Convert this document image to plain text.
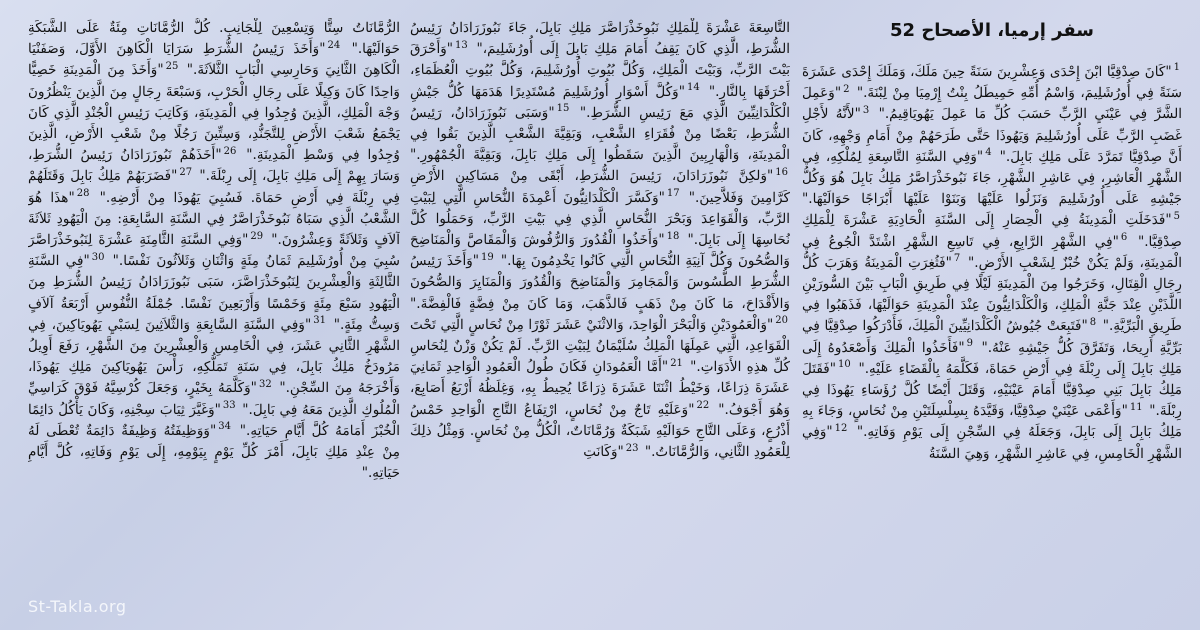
سفر إرميا، الأصحاح 52
$^1$"كَانَ صِدْقِيَّا ابْنَ إِحْدَى وَعِشْرِينَ سَنَةً حِينَ مَلَكَ، وَمَلَكَ إِحْدَى عَشَرَةَ سَنَةً فِي أُورُشَلِيمَ، وَاسْمُ أُمِّهِ حَمِيطَلُ بِنْتُ إِرْمِيَا مِنْ لِبْنَةَ." $^2$"وَعَمِلَ الشَّرَّ فِي عَيْنَيِ الرَّبِّ حَسَبَ كُلِّ مَا عَمِلَ يَهُويَاقِيمُ." $^3$"لأَنَّهُ لأَجْلِ غَضَبِ الرَّبِّ عَلَى أُورُشَلِيمَ وَيَهُوذَا حَتَّى طَرَحَهُمْ مِنْ أَمَامِ وَجْهِهِ، كَانَ أَنَّ صِدْقِيَّا تَمَرَّدَ عَلَى مَلِكِ بَابِلَ." $^4$"وَفِي السَّنَةِ التَّاسِعَةِ لِمُلْكِهِ، فِي الشَّهْرِ الْعَاشِرِ، فِي عَاشِرِ الشَّهْرِ، جَاءَ نَبُوخَذْرَاصَّرُ مَلِكُ بَابِلَ هُوَ وَكُلُّ جَيْشِهِ عَلَى أُورُشَلِيمَ وَنَزَلُوا عَلَيْهَا وَبَنَوْا عَلَيْهَا أَبْرَاجًا حَوَالَيْهَا." $^5$"فَدَخَلَتِ الْمَدِينَةُ فِي الْحِصَارِ إِلَى السَّنَةِ الْحَادِيَةِ عَشْرَةَ لِلْمَلِكِ صِدْقِيَّا." $^6$"فِي الشَّهْرِ الرَّابِعِ، فِي تَاسِعِ الشَّهْرِ اشْتَدَّ الْجُوعُ فِي الْمَدِينَةِ، وَلَمْ يَكُنْ خُبْزٌ لِشَعْبِ الأَرْضِ." $^7$"فَثُغِرَتِ الْمَدِينَةُ وَهَرَبَ كُلُّ رِجَالِ الْقِتَالِ، وَخَرَجُوا مِنَ الْمَدِينَةِ لَيْلًا فِي طَرِيقِ الْبَابِ بَيْنَ السُّورَيْنِ اللَّذَيْنِ عِنْدَ جَنَّةِ الْمَلِكِ، وَالْكَلْدَانِيُّونَ عِنْدَ الْمَدِينَةِ حَوَالَيْهَا، فَذَهَبُوا فِي طَرِيقِ الْبَرِّيَّةِ." $^8$"فَتَبِعَتْ جُيُوشُ الْكَلْدَانِيِّينَ الْمَلِكَ، فَأَدْرَكُوا صِدْقِيَّا فِي بَرِّيَّةِ أَرِيحَا، وَتَفَرَّقَ كُلُّ جَيْشِهِ عَنْهُ." $^9$"فَأَخَذُوا الْمَلِكَ وَأَصْعَدُوهُ إِلَى مَلِكِ بَابِلَ إِلَى رِبْلَةَ فِي أَرْضِ حَمَاةَ، فَكَلَّمَهُ بِالْقَضَاءِ عَلَيْهِ." $^{10}$"فَقَتَلَ مَلِكُ بَابِلَ بَنِي صِدْقِيَّا أَمَامَ عَيْنَيْهِ، وَقَتَلَ أَيْضًا كُلَّ رُؤَسَاءِ يَهُوذَا فِي رِبْلَةَ." $^{11}$"وَأَعْمَى عَيْنَيْ صِدْقِيَّا، وَقَيَّدَهُ بِسِلْسِلَتَيْنِ مِنْ نُحَاسٍ، وَجَاءَ بِهِ مَلِكُ بَابِلَ إِلَى بَابِلَ، وَجَعَلَهُ فِي السِّجْنِ إِلَى يَوْمِ وَفَاتِهِ." $^{12}$"وَفِي الشَّهْرِ الْخَامِسِ، فِي عَاشِرِ الشَّهْرِ، وَهِيَ السَّنَةُ
التَّاسِعَةَ عَشْرَةَ لِلْمَلِكِ نَبُوخَذْرَاصَّرَ مَلِكِ بَابِلَ، جَاءَ نَبُوزَرَادَانُ رَئِيسُ الشُّرَطِ، الَّذِي كَانَ يَقِفُ أَمَامَ مَلِكِ بَابِلَ إِلَى أُورُشَلِيمَ،" $^{13}$"وَأَحْرَقَ بَيْتَ الرَّبِّ، وَبَيْتَ الْمَلِكِ، وَكُلَّ بُيُوتِ أُورُشَلِيمَ، وَكُلَّ بُيُوتِ الْعُظَمَاءِ، أَحْرَقَهَا بِالنَّارِ." $^{14}$"وَكُلَّ أَسْوَارِ أُورُشَلِيمَ مُسْتَدِيرًا هَدَمَهَا كُلُّ جَيْشِ الْكَلْدَانِيِّينَ الَّذِي مَعَ رَئِيسِ الشُّرَطِ." $^{15}$"وَسَبَى نَبُوزَرَادَانُ، رَئِيسُ الشُّرَطِ، بَعْضًا مِنْ فُقَرَاءِ الشَّعْبِ، وَبَقِيَّةَ الشَّعْبِ الَّذِينَ بَقُوا فِي الْمَدِينَةِ، وَالْهَارِبِينَ الَّذِينَ سَقَطُوا إِلَى مَلِكِ بَابِلَ، وَبَقِيَّةَ الْجُمْهُورِ." $^{16}$"وَلكِنَّ نَبُوزَرَادَانَ، رَئِيسَ الشُّرَطِ، أَبْقَى مِنْ مَسَاكِينِ الأَرْضِ كَرَّامِينَ وَفَلاَّحِينَ." $^{17}$"وَكَسَّرَ الْكَلْدَانِيُّونَ أَعْمِدَةَ النُّحَاسِ الَّتِي لِبَيْتِ الرَّبِّ، وَالْقَوَاعِدَ وَبَحْرَ النُّحَاسِ الَّذِي فِي بَيْتِ الرَّبِّ، وَحَمَلُوا كُلَّ نُحَاسِهَا إِلَى بَابِلَ." $^{18}$"وَأَخَذُوا الْقُدُورَ وَالرُّفُوشَ وَالْمَقَاصَّ وَالْمَنَاضِحَ وَالصُّحُونَ وَكُلَّ آنِيَةِ النُّحَاسِ الَّتِي كَانُوا يَخْدِمُونَ بِهَا." $^{19}$"وَأَخَذَ رَئِيسُ الشُّرَطِ الطُّسُوسَ وَالْمَجَامِرَ وَالْمَنَاضِحَ وَالْقُدُورَ وَالْمَنَايِرَ وَالصُّحُونَ وَالأَقْدَاحَ، مَا كَانَ مِنْ ذَهَبٍ فَالذَّهَبَ، وَمَا كَانَ مِنْ فِضَّةٍ فَالْفِضَّةَ." $^{20}$"وَالْعَمُودَيْنِ وَالْبَحْرَ الْوَاحِدَ، وَالاثْنَيْ عَشَرَ ثَوْرًا مِنْ نُحَاسٍ الَّتِي تَحْتَ الْقَوَاعِدِ، الَّتِي عَمِلَهَا الْمَلِكُ سُلَيْمَانُ لِبَيْتِ الرَّبِّ. لَمْ يَكُنْ وَزْنٌ لِنُحَاسِ كُلِّ هذِهِ الأَدَوَاتِ." $^{21}$"أَمَّا الْعَمُودَانِ فَكَانَ طُولُ الْعَمُودِ الْوَاحِدِ ثَمَانِيَ عَشَرَةَ ذِرَاعًا، وَخَيْطُ اثْنَتَا عَشَرَةَ ذِرَاعًا يُحِيطُ بِهِ، وَغِلَظُهُ أَرْبَعُ أَصَابِعَ، وَهُوَ أَجْوَفُ." $^{22}$"وَعَلَيْهِ تَاجٌ مِنْ نُحَاسٍ، ارْتِفَاعُ التَّاجِ الْوَاحِدِ خَمْسُ أَذْرُعٍ، وَعَلَى التَّاجِ حَوَالَيْهِ شَبَكَةٌ وَرُمَّانَاتٌ، الْكُلُّ مِنْ نُحَاسٍ. وَمِثْلُ ذلِكَ لِلْعَمُودِ الثَّانِي، وَالرُّمَّانَاتُ." $^{23}$"وَكَانَتِ
الرُّمَّانَاتُ سِتًّا وَتِسْعِينَ لِلْجَانِبِ. كُلُّ الرُّمَّانَاتِ مِئَةٌ عَلَى الشَّبَكَةِ حَوَالَيْهَا." $^{24}$"وَأَخَذَ رَئِيسُ الشُّرَطِ سَرَايَا الْكَاهِنَ الأَوَّلَ، وَصَفَنْيَا الْكَاهِنَ الثَّانِيَ وَحَارِسِي الْبَابِ الثَّلاَثَةَ." $^{25}$"وَأَخَذَ مِنَ الْمَدِينَةِ خَصِيًّا وَاحِدًا كَانَ وَكِيلًا عَلَى رِجَالِ الْحَرْبِ، وَسَبْعَةَ رِجَالٍ مِنَ الَّذِينَ يَنْظُرُونَ وَجْهَ الْمَلِكِ، الَّذِينَ وُجِدُوا فِي الْمَدِينَةِ، وَكَاتِبَ رَئِيسِ الْجُنْدِ الَّذِي كَانَ يَجْمَعُ شَعْبَ الأَرْضِ لِلتَّجَنُّدِ، وَسِتِّينَ رَجُلًا مِنْ شَعْبِ الأَرْضِ، الَّذِينَ وُجِدُوا فِي وَسْطِ الْمَدِينَةِ." $^{26}$"أَخَذَهُمْ نَبُوزَرَادَانُ رَئِيسُ الشُّرَطِ، وَسَارَ بِهِمْ إِلَى مَلِكِ بَابِلَ، إِلَى رِبْلَةَ." $^{27}$"فَضَرَبَهُمْ مَلِكُ بَابِلَ وَقَتَلَهُمْ فِي رِبْلَةَ فِي أَرْضِ حَمَاةَ. فَسُبِيَ يَهُوذَا مِنْ أَرْضِهِ." $^{28}$"هذَا هُوَ الشَّعْبُ الَّذِي سَبَاهُ نَبُوخَذْرَاصَّرُ فِي السَّنَةِ السَّابِعَةِ: مِنَ الْيَهُودِ ثَلاَثَةَ آلاَفٍ وَثَلاَثَةً وَعِشْرُونَ." $^{29}$"وَفِي السَّنَةِ الثَّامِنَةِ عَشْرَةَ لِنَبُوخَذْرَاصَّرَ سُبِيَ مِنْ أُورُشَلِيمَ ثَمَانُ مِئَةٍ وَاثْنَانِ وَثَلاَثُونَ نَفْسًا." $^{30}$"فِي السَّنَةِ الثَّالِثَةِ وَالْعِشْرِينَ لِنَبُوخَذْرَاصَّرَ، سَبَى نَبُوزَرَادَانُ رَئِيسُ الشُّرَطِ مِنَ الْيَهُودِ سَبْعَ مِئَةٍ وَخَمْسًا وَأَرْبَعِينَ نَفْسًا. جُمْلَةُ النُّفُوسِ أَرْبَعَةُ آلاَفٍ وَسِتُّ مِئَةٍ." $^{31}$"وَفِي السَّنَةِ السَّابِعَةِ وَالثَّلاَثِينَ لِسَبْيِ يَهُويَاكِينَ، فِي الشَّهْرِ الثَّانِي عَشَرَ، فِي الْخَامِسِ وَالْعِشْرِينَ مِنَ الشَّهْرِ، رَفَعَ أَوِيلُ مَرُودَخُ مَلِكُ بَابِلَ، فِي سَنَةِ تَمَلُّكِهِ، رَأْسَ يَهُويَاكِينَ مَلِكِ يَهُوذَا، وَأَخْرَجَهُ مِنَ السِّجْنِ." $^{32}$"وَكَلَّمَهُ بِخَيْرٍ، وَجَعَلَ كُرْسِيَّهُ فَوْقَ كَرَاسِيِّ الْمُلُوكِ الَّذِينَ مَعَهُ فِي بَابِلَ." $^{33}$"وَغَيَّرَ ثِيَابَ سِجْنِهِ، وَكَانَ يَأْكُلُ دَائِمًا الْخُبْزَ أَمَامَهُ كُلَّ أَيَّامِ حَيَاتِهِ." $^{34}$"وَوَظِيفَتُهُ وَظِيفَةٌ دَائِمَةٌ تُعْطَى لَهُ مِنْ عِنْدِ مَلِكِ بَابِلَ، أَمْرَ كُلِّ يَوْمٍ بِيَوْمِهِ، إِلَى يَوْمِ وَفَاتِهِ، كُلَّ أَيَّامِ حَيَاتِهِ."
St-Takla.org
